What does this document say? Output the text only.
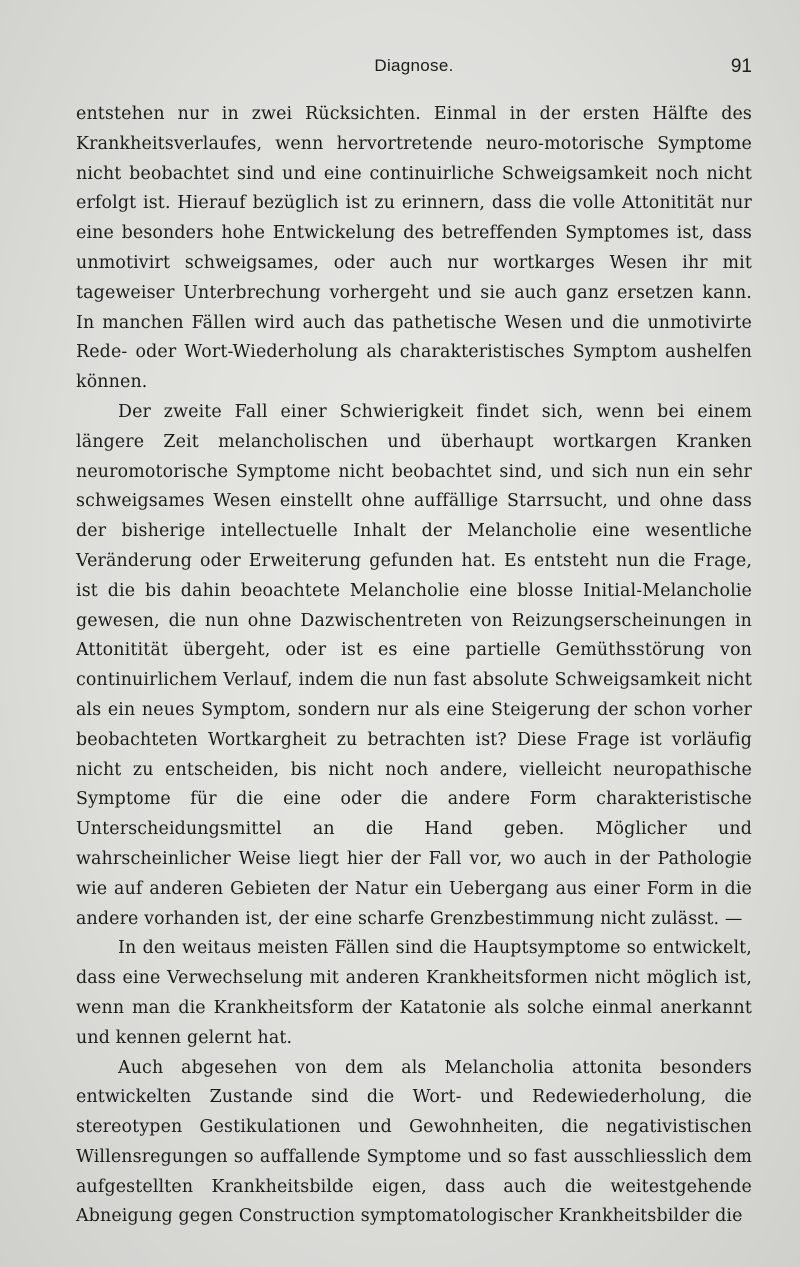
Diagnose.	91

entstehen nur in zwei Rücksichten. Einmal in der ersten Hälfte des Krankheitsverlaufes, wenn hervortretende neuro-motorische Symptome nicht beobachtet sind und eine continuirliche Schweigsamkeit noch nicht erfolgt ist. Hierauf bezüglich ist zu erinnern, dass die volle Attonitität nur eine besonders hohe Entwickelung des betreffenden Symptomes ist, dass unmotivirt schweigsames, oder auch nur wortkarges Wesen ihr mit tageweiser Unterbrechung vorhergeht und sie auch ganz ersetzen kann. In manchen Fällen wird auch das pathetische Wesen und die unmotivirte Rede- oder Wort-Wiederholung als charakteristisches Symptom aushelfen können.

Der zweite Fall einer Schwierigkeit findet sich, wenn bei einem längere Zeit melancholischen und überhaupt wortkargen Kranken neuromotorische Symptome nicht beobachtet sind, und sich nun ein sehr schweigsames Wesen einstellt ohne auffällige Starrsucht, und ohne dass der bisherige intellectuelle Inhalt der Melancholie eine wesentliche Veränderung oder Erweiterung gefunden hat. Es entsteht nun die Frage, ist die bis dahin beoachtete Melancholie eine blosse Initial-Melancholie gewesen, die nun ohne Dazwischentreten von Reizungserscheinungen in Attonitität übergeht, oder ist es eine partielle Gemüthsstörung von continuirlichem Verlauf, indem die nun fast absolute Schweigsamkeit nicht als ein neues Symptom, sondern nur als eine Steigerung der schon vorher beobachteten Wortkargheit zu betrachten ist? Diese Frage ist vorläufig nicht zu entscheiden, bis nicht noch andere, vielleicht neuropathische Symptome für die eine oder die andere Form charakteristische Unterscheidungsmittel an die Hand geben. Möglicher und wahrscheinlicher Weise liegt hier der Fall vor, wo auch in der Pathologie wie auf anderen Gebieten der Natur ein Uebergang aus einer Form in die andere vorhanden ist, der eine scharfe Grenzbestimmung nicht zulässt. —

In den weitaus meisten Fällen sind die Hauptsymptome so entwickelt, dass eine Verwechselung mit anderen Krankheitsformen nicht möglich ist, wenn man die Krankheitsform der Katatonie als solche einmal anerkannt und kennen gelernt hat.

Auch abgesehen von dem als Melancholia attonita besonders entwickelten Zustande sind die Wort- und Redewiederholung, die stereotypen Gestikulationen und Gewohnheiten, die negativistischen Willensregungen so auffallende Symptome und so fast ausschliesslich dem aufgestellten Krankheitsbilde eigen, dass auch die weitestgehende Abneigung gegen Construction symptomatologischer Krankheitsbilder die
